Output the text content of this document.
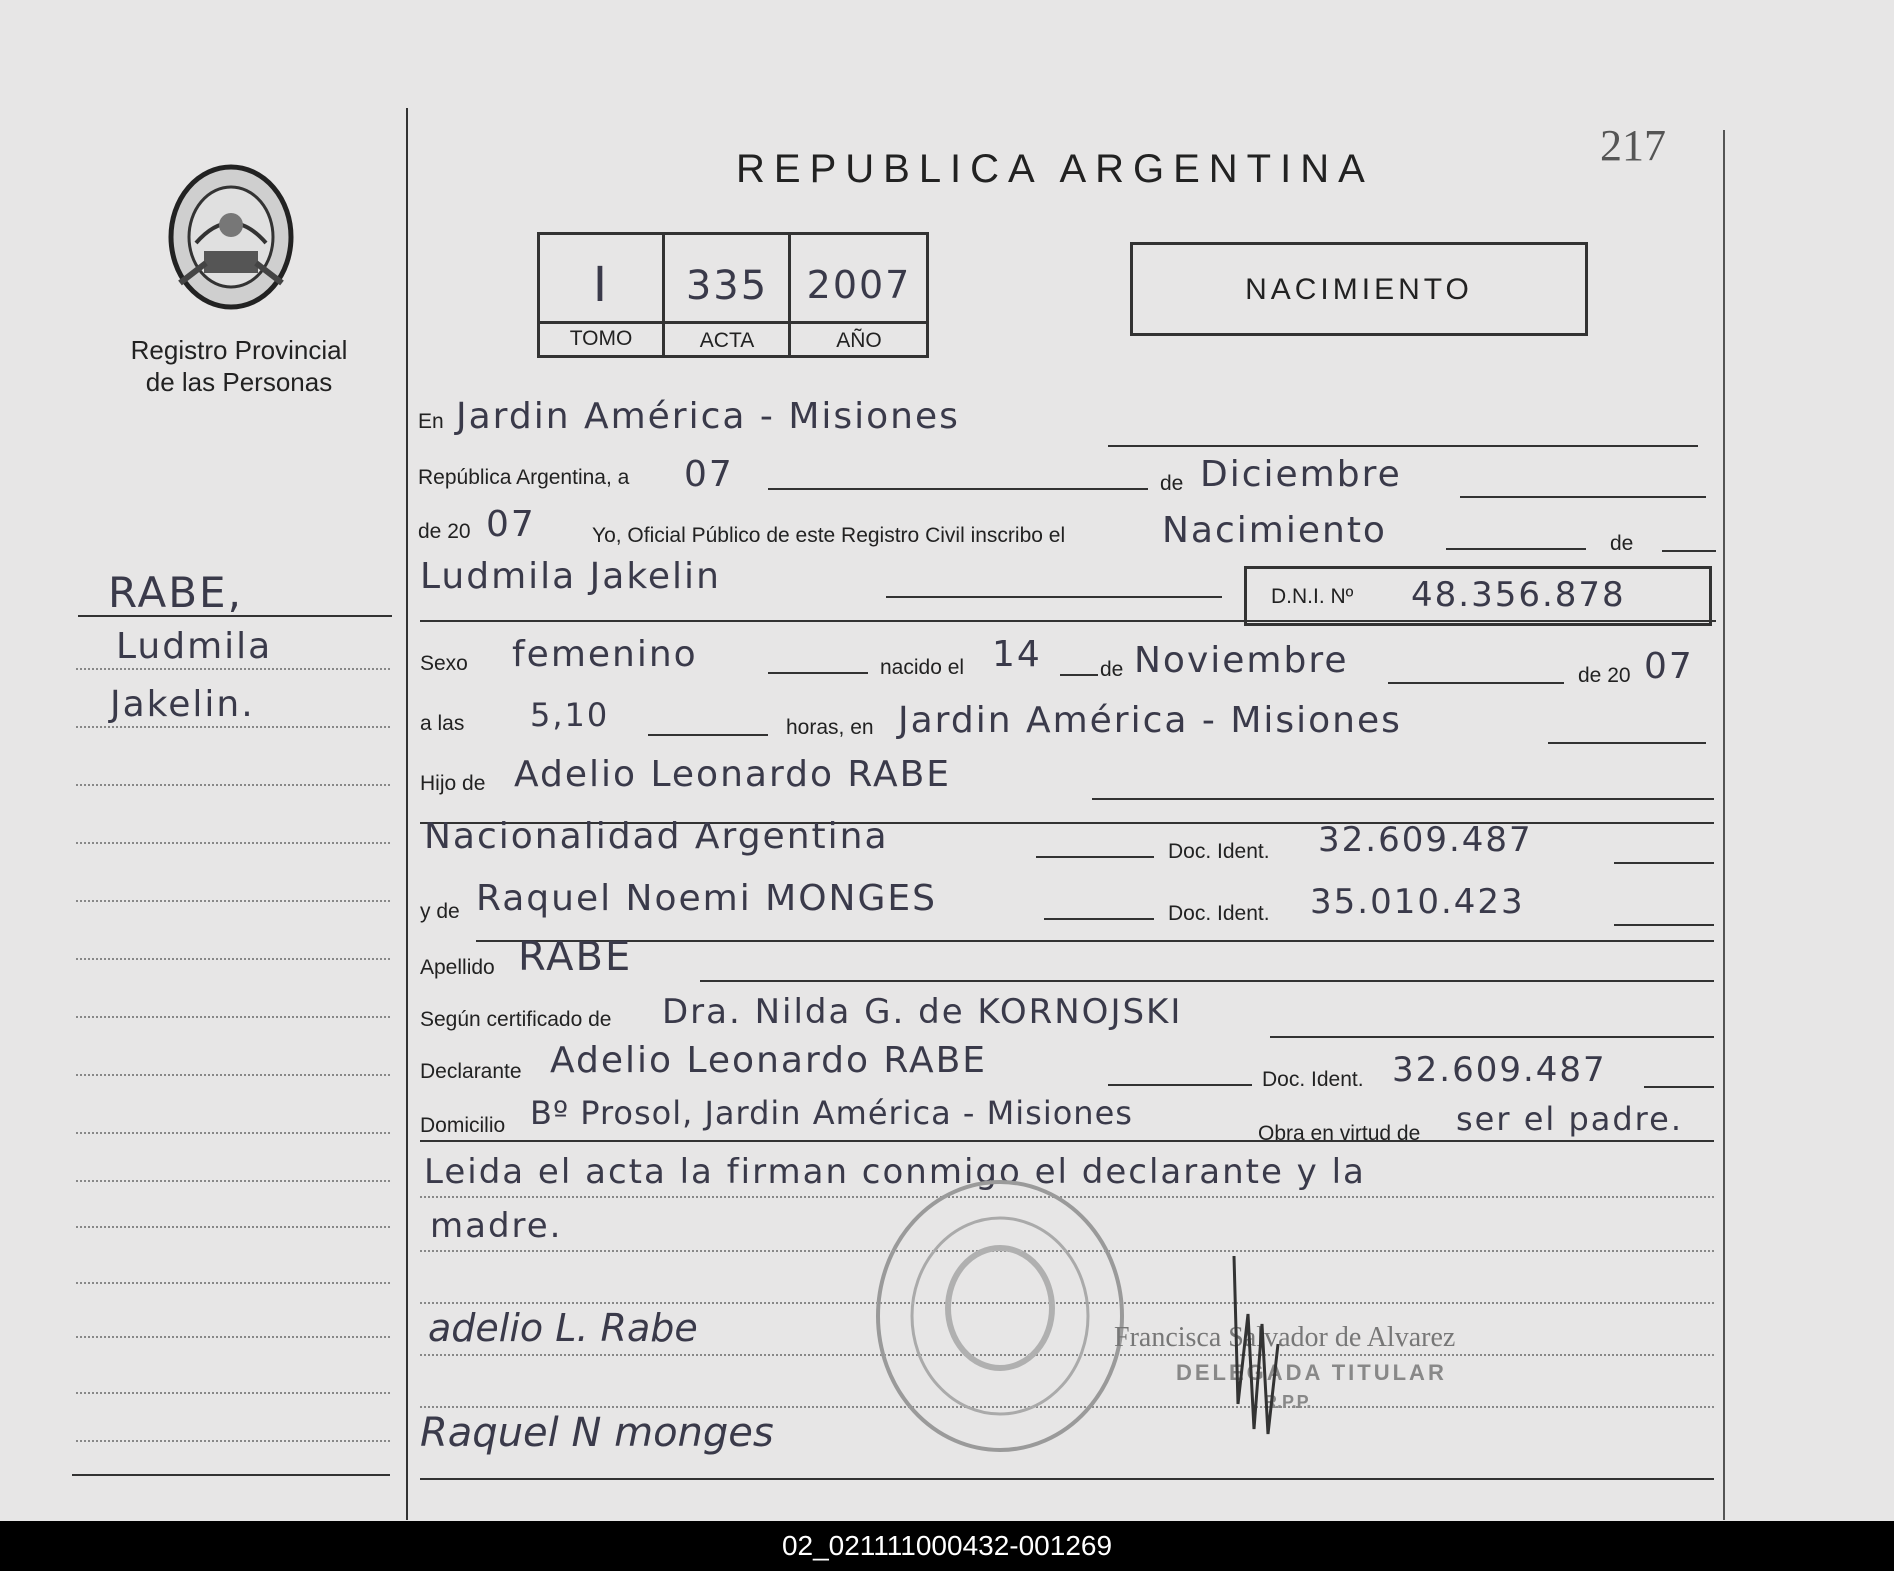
Registro Provincial
de las Personas
RABE,
Ludmila
Jakelin.
REPUBLICA ARGENTINA	217
I	335	2007
TOMO	ACTA	AÑO
NACIMIENTO
En Jardin América - Misiones
República Argentina, a 07	de Diciembre
de 20 07	Yo, Oficial Público de este Registro Civil inscribo el	Nacimiento	de
Ludmila Jakelin	D.N.I. Nº 48.356.878
Sexo femenino	nacido el 14	de Noviembre	de 20 07
a las 5,10	horas, en Jardin América - Misiones
Hijo de Adelio Leonardo RABE
Nacionalidad Argentina	Doc. Ident. 32.609.487
y de Raquel Noemi MONGES	Doc. Ident. 35.010.423
Apellido RABE
Según certificado de Dra. Nilda G. de KORNOJSKI
Declarante Adelio Leonardo RABE	Doc. Ident. 32.609.487
Domicilio Bº Prosol, Jardin América - Misiones
Obra en virtud de ser el padre.
Leida el acta la firman conmigo el declarante y la
madre.
adelio L. Rabe
Raquel N monges
Francisca Salvador de Alvarez
DELEGADA TITULAR
R.P.P.
02_021111000432-001269
